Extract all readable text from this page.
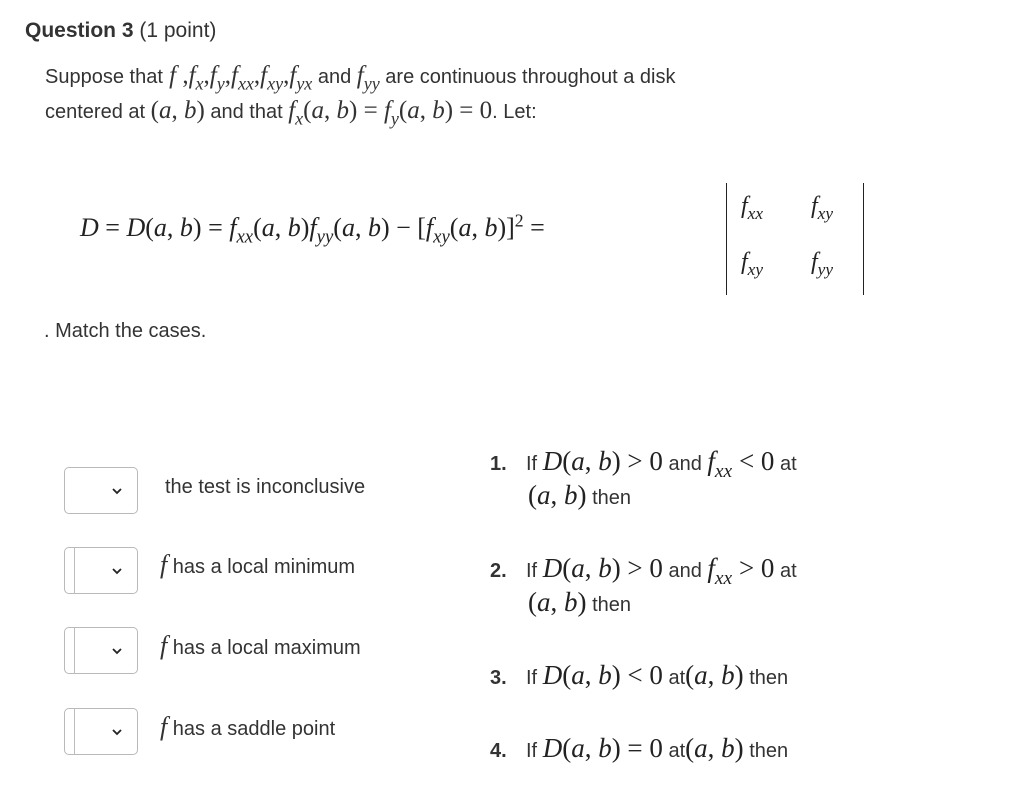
Question 3 (1 point)
Suppose that f $,f_x,f_y,f_{xx},f_{xy},f_{yx}$ and $f_{yy}$ are continuous throughout a disk
centered at (a, b) and that $f_x(a$, $b) = f_y(a$, b) = 0. Let:
D = D(a, $b) = f_{xx}(a$, $b)f_{yy}(a$, $b) - [f_{xy}(a$, b)]$^2$ =
$f_{xx}$ $f_{xy}$
$f_{xy}$ $f_{yy}$
. Match the cases.
the test is inconclusive
f has a local minimum
f has a local maximum
f has a saddle point
1. If D(a, b) > 0 and $f_{xx} < 0$ at
(a, b) then
2. If D(a, b) > 0 and $f_{xx} > 0$ at
(a, b) then
3. If D(a, b) < 0 at(a, b) then
4. If D(a, b) = 0 at(a, b) then
